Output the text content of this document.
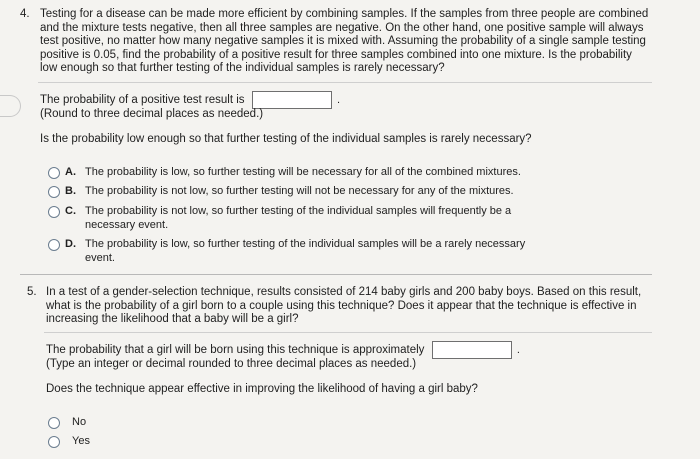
4. Testing for a disease can be made more efficient by combining samples. If the samples from three people are combined and the mixture tests negative, then all three samples are negative. On the other hand, one positive sample will always test positive, no matter how many negative samples it is mixed with. Assuming the probability of a single sample testing positive is 0.05, find the probability of a positive result for three samples combined into one mixture. Is the probability low enough so that further testing of the individual samples is rarely necessary?
The probability of a positive test result is	.
(Round to three decimal places as needed.)
Is the probability low enough so that further testing of the individual samples is rarely necessary?
A. The probability is low, so further testing will be necessary for all of the combined mixtures.
B. The probability is not low, so further testing will not be necessary for any of the mixtures.
C. The probability is not low, so further testing of the individual samples will frequently be a necessary event.
D. The probability is low, so further testing of the individual samples will be a rarely necessary event.
5. In a test of a gender-selection technique, results consisted of 214 baby girls and 200 baby boys. Based on this result, what is the probability of a girl born to a couple using this technique? Does it appear that the technique is effective in increasing the likelihood that a baby will be a girl?
The probability that a girl will be born using this technique is approximately	.
(Type an integer or decimal rounded to three decimal places as needed.)
Does the technique appear effective in improving the likelihood of having a girl baby?
No
Yes
